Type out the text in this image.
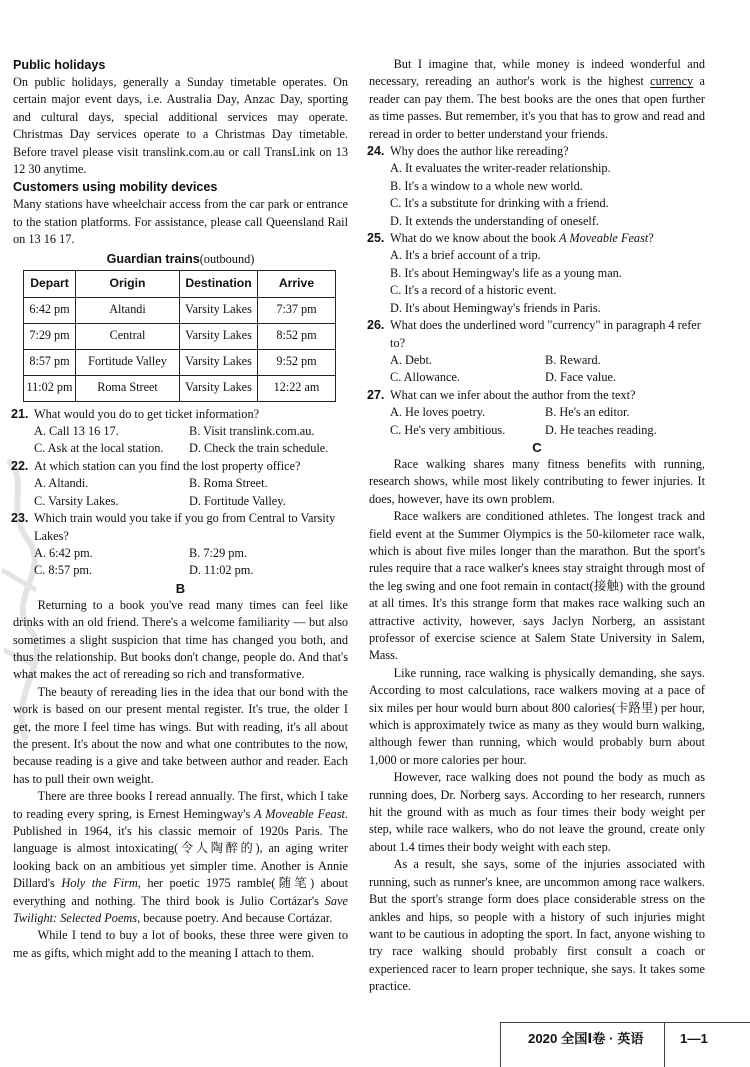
Public holidays

On public holidays, generally a Sunday timetable operates. On certain major event days, i.e. Australia Day, Anzac Day, sporting and cultural days, special additional services may operate. Christmas Day services operate to a Christmas Day timetable. Before travel please visit translink.com.au or call TransLink on 13 12 30 anytime.

Customers using mobility devices

Many stations have wheelchair access from the car park or entrance to the station platforms. For assistance, please call Queensland Rail on 13 16 17.

Guardian trains(outbound)
Depart	Origin	Destination	Arrive
6:42 pm	Altandi	Varsity Lakes	7:37 pm
7:29 pm	Central	Varsity Lakes	8:52 pm
8:57 pm	Fortitude Valley	Varsity Lakes	9:52 pm
11:02 pm	Roma Street	Varsity Lakes	12:22 am
21. What would you do to get ticket information?
A. Call 13 16 17.	B. Visit translink.com.au.
C. Ask at the local station.	D. Check the train schedule.
22. At which station can you find the lost property office?
A. Altandi.	B. Roma Street.
C. Varsity Lakes.	D. Fortitude Valley.
23. Which train would you take if you go from Central to Varsity Lakes?
A. 6:42 pm.	B. 7:29 pm.
C. 8:57 pm.	D. 11:02 pm.
B

Returning to a book you've read many times can feel like drinks with an old friend. There's a welcome familiarity — but also sometimes a slight suspicion that time has changed you both, and thus the relationship. But books don't change, people do. And that's what makes the act of rereading so rich and transformative.

The beauty of rereading lies in the idea that our bond with the work is based on our present mental register. It's true, the older I get, the more I feel time has wings. But with reading, it's all about the present. It's about the now and what one contributes to the now, because reading is a give and take between author and reader. Each has to pull their own weight.

There are three books I reread annually. The first, which I take to reading every spring, is Ernest Hemingway's A Moveable Feast. Published in 1964, it's his classic memoir of 1920s Paris. The language is almost intoxicating(令人陶醉的), an aging writer looking back on an ambitious yet simpler time. Another is Annie Dillard's Holy the Firm, her poetic 1975 ramble(随笔) about everything and nothing. The third book is Julio Cortázar's Save Twilight: Selected Poems, because poetry. And because Cortázar.

While I tend to buy a lot of books, these three were given to me as gifts, which might add to the meaning I attach to them.

But I imagine that, while money is indeed wonderful and necessary, rereading an author's work is the highest currency a reader can pay them. The best books are the ones that open further as time passes. But remember, it's you that has to grow and read and reread in order to better understand your friends.

24. Why does the author like rereading?
A. It evaluates the writer-reader relationship.
B. It's a window to a whole new world.
C. It's a substitute for drinking with a friend.
D. It extends the understanding of oneself.
25. What do we know about the book A Moveable Feast?
A. It's a brief account of a trip.
B. It's about Hemingway's life as a young man.
C. It's a record of a historic event.
D. It's about Hemingway's friends in Paris.
26. What does the underlined word "currency" in paragraph 4 refer to?
A. Debt.	B. Reward.
C. Allowance.	D. Face value.
27. What can we infer about the author from the text?
A. He loves poetry.	B. He's an editor.
C. He's very ambitious.	D. He teaches reading.
C

Race walking shares many fitness benefits with running, research shows, while most likely contributing to fewer injuries. It does, however, have its own problem.

Race walkers are conditioned athletes. The longest track and field event at the Summer Olympics is the 50-kilometer race walk, which is about five miles longer than the marathon. But the sport's rules require that a race walker's knees stay straight through most of the leg swing and one foot remain in contact(接触) with the ground at all times. It's this strange form that makes race walking such an attractive activity, however, says Jaclyn Norberg, an assistant professor of exercise science at Salem State University in Salem, Mass.

Like running, race walking is physically demanding, she says. According to most calculations, race walkers moving at a pace of six miles per hour would burn about 800 calories(卡路里) per hour, which is approximately twice as many as they would burn walking, although fewer than running, which would probably burn about 1,000 or more calories per hour.

However, race walking does not pound the body as much as running does, Dr. Norberg says. According to her research, runners hit the ground with as much as four times their body weight per step, while race walkers, who do not leave the ground, create only about 1.4 times their body weight with each step.

As a result, she says, some of the injuries associated with running, such as runner's knee, are uncommon among race walkers. But the sport's strange form does place considerable stress on the ankles and hips, so people with a history of such injuries might want to be cautious in adopting the sport. In fact, anyone wishing to try race walking should probably first consult a coach or experienced racer to learn proper technique, she says. It takes some practice.

2020 全国Ⅰ卷 · 英语	1—1
